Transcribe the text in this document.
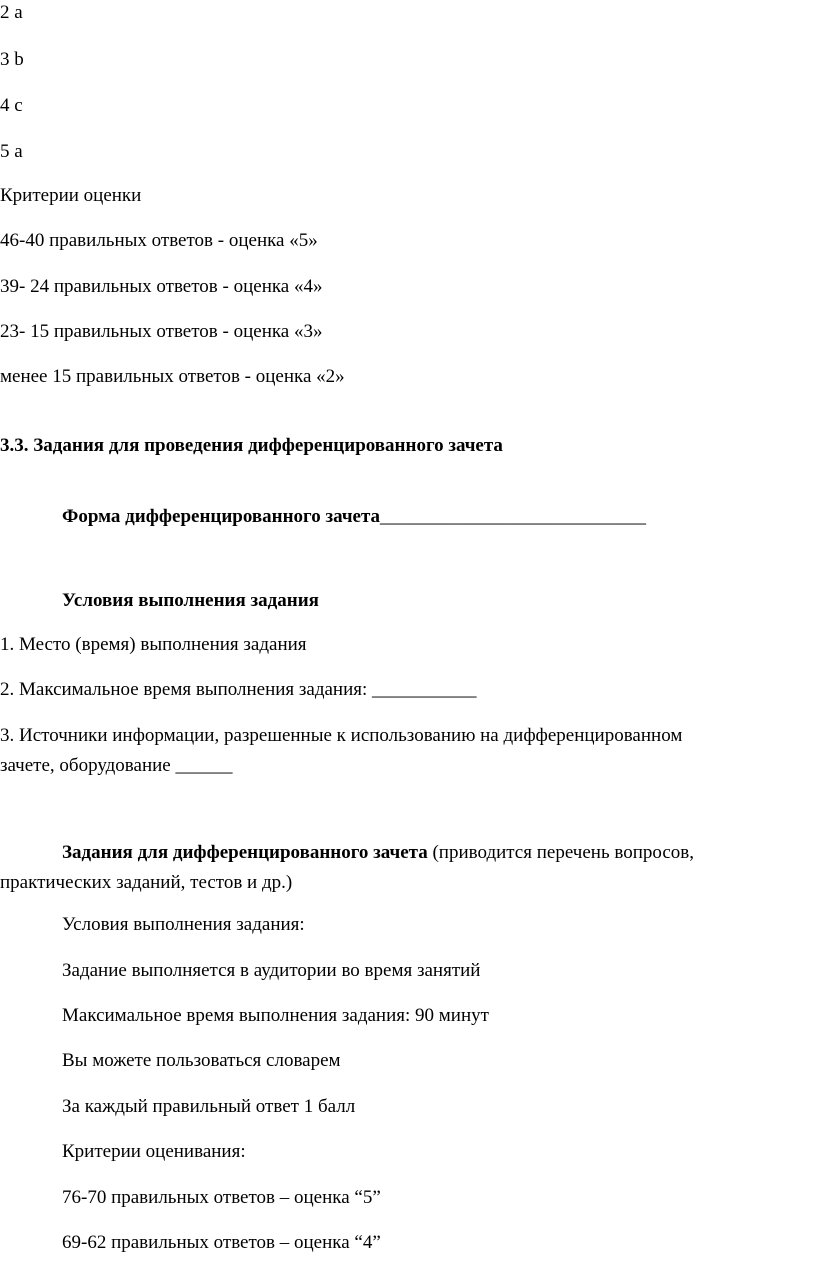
2 а
3 b
4 с
5 а
Критерии оценки
46-40 правильных ответов - оценка «5»
39- 24 правильных ответов - оценка «4»
23- 15 правильных ответов - оценка «3»
менее 15 правильных ответов - оценка «2»
3.3. Задания для проведения дифференцированного зачета
Форма дифференцированного зачета____________________________
Условия выполнения задания
1. Место (время) выполнения задания
2. Максимальное время выполнения задания: ___________
3. Источники информации, разрешенные к использованию на дифференцированном
зачете, оборудование ______
Задания для дифференцированного зачета (приводится перечень вопросов,
практических заданий, тестов и др.)
Условия выполнения задания:
Задание выполняется в аудитории во время занятий
Максимальное время выполнения задания: 90 минут
Вы можете пользоваться словарем
За каждый правильный ответ 1 балл
Критерии оценивания:
76-70 правильных ответов – оценка “5”
69-62 правильных ответов – оценка “4”
